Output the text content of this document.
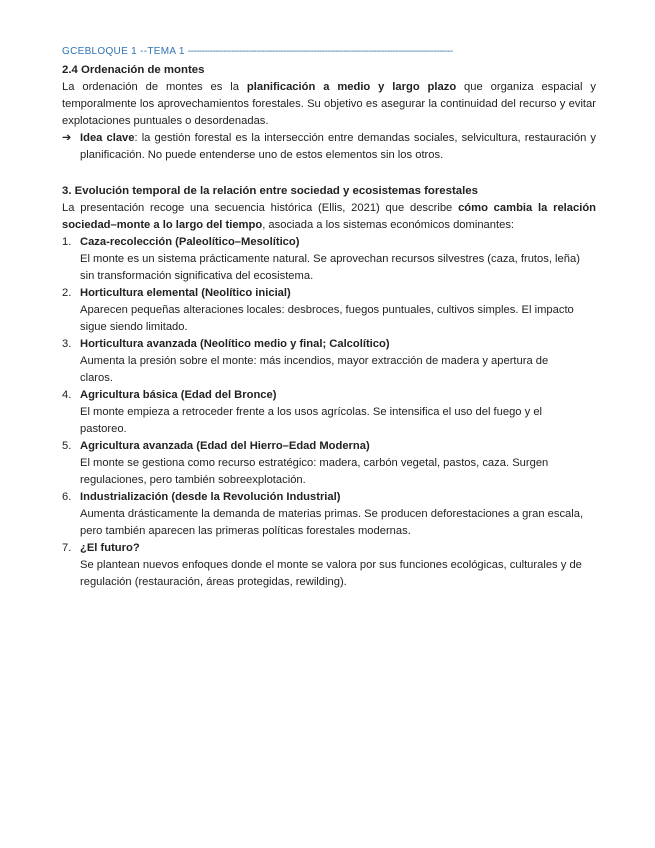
GCEBLOQUE 1 --TEMA 1 -------------------------------------------------------------------------------------------------
2.4 Ordenación de montes

La ordenación de montes es la planificación a medio y largo plazo que organiza espacial y temporalmente los aprovechamientos forestales. Su objetivo es asegurar la continuidad del recurso y evitar explotaciones puntuales o desordenadas.

➔ Idea clave: la gestión forestal es la intersección entre demandas sociales, selvicultura, restauración y planificación. No puede entenderse uno de estos elementos sin los otros.
3. Evolución temporal de la relación entre sociedad y ecosistemas forestales

La presentación recoge una secuencia histórica (Ellis, 2021) que describe cómo cambia la relación sociedad–monte a lo largo del tiempo, asociada a los sistemas económicos dominantes:

1. Caza-recolección (Paleolítico–Mesolítico)
El monte es un sistema prácticamente natural. Se aprovechan recursos silvestres (caza, frutos, leña) sin transformación significativa del ecosistema.
2. Horticultura elemental (Neolítico inicial)
Aparecen pequeñas alteraciones locales: desbroces, fuegos puntuales, cultivos simples. El impacto sigue siendo limitado.
3. Horticultura avanzada (Neolítico medio y final; Calcolítico)
Aumenta la presión sobre el monte: más incendios, mayor extracción de madera y apertura de claros.
4. Agricultura básica (Edad del Bronce)
El monte empieza a retroceder frente a los usos agrícolas. Se intensifica el uso del fuego y el pastoreo.
5. Agricultura avanzada (Edad del Hierro–Edad Moderna)
El monte se gestiona como recurso estratégico: madera, carbón vegetal, pastos, caza. Surgen regulaciones, pero también sobreexplotación.
6. Industrialización (desde la Revolución Industrial)
Aumenta drásticamente la demanda de materias primas. Se producen deforestaciones a gran escala, pero también aparecen las primeras políticas forestales modernas.
7. ¿El futuro?
Se plantean nuevos enfoques donde el monte se valora por sus funciones ecológicas, culturales y de regulación (restauración, áreas protegidas, rewilding).
